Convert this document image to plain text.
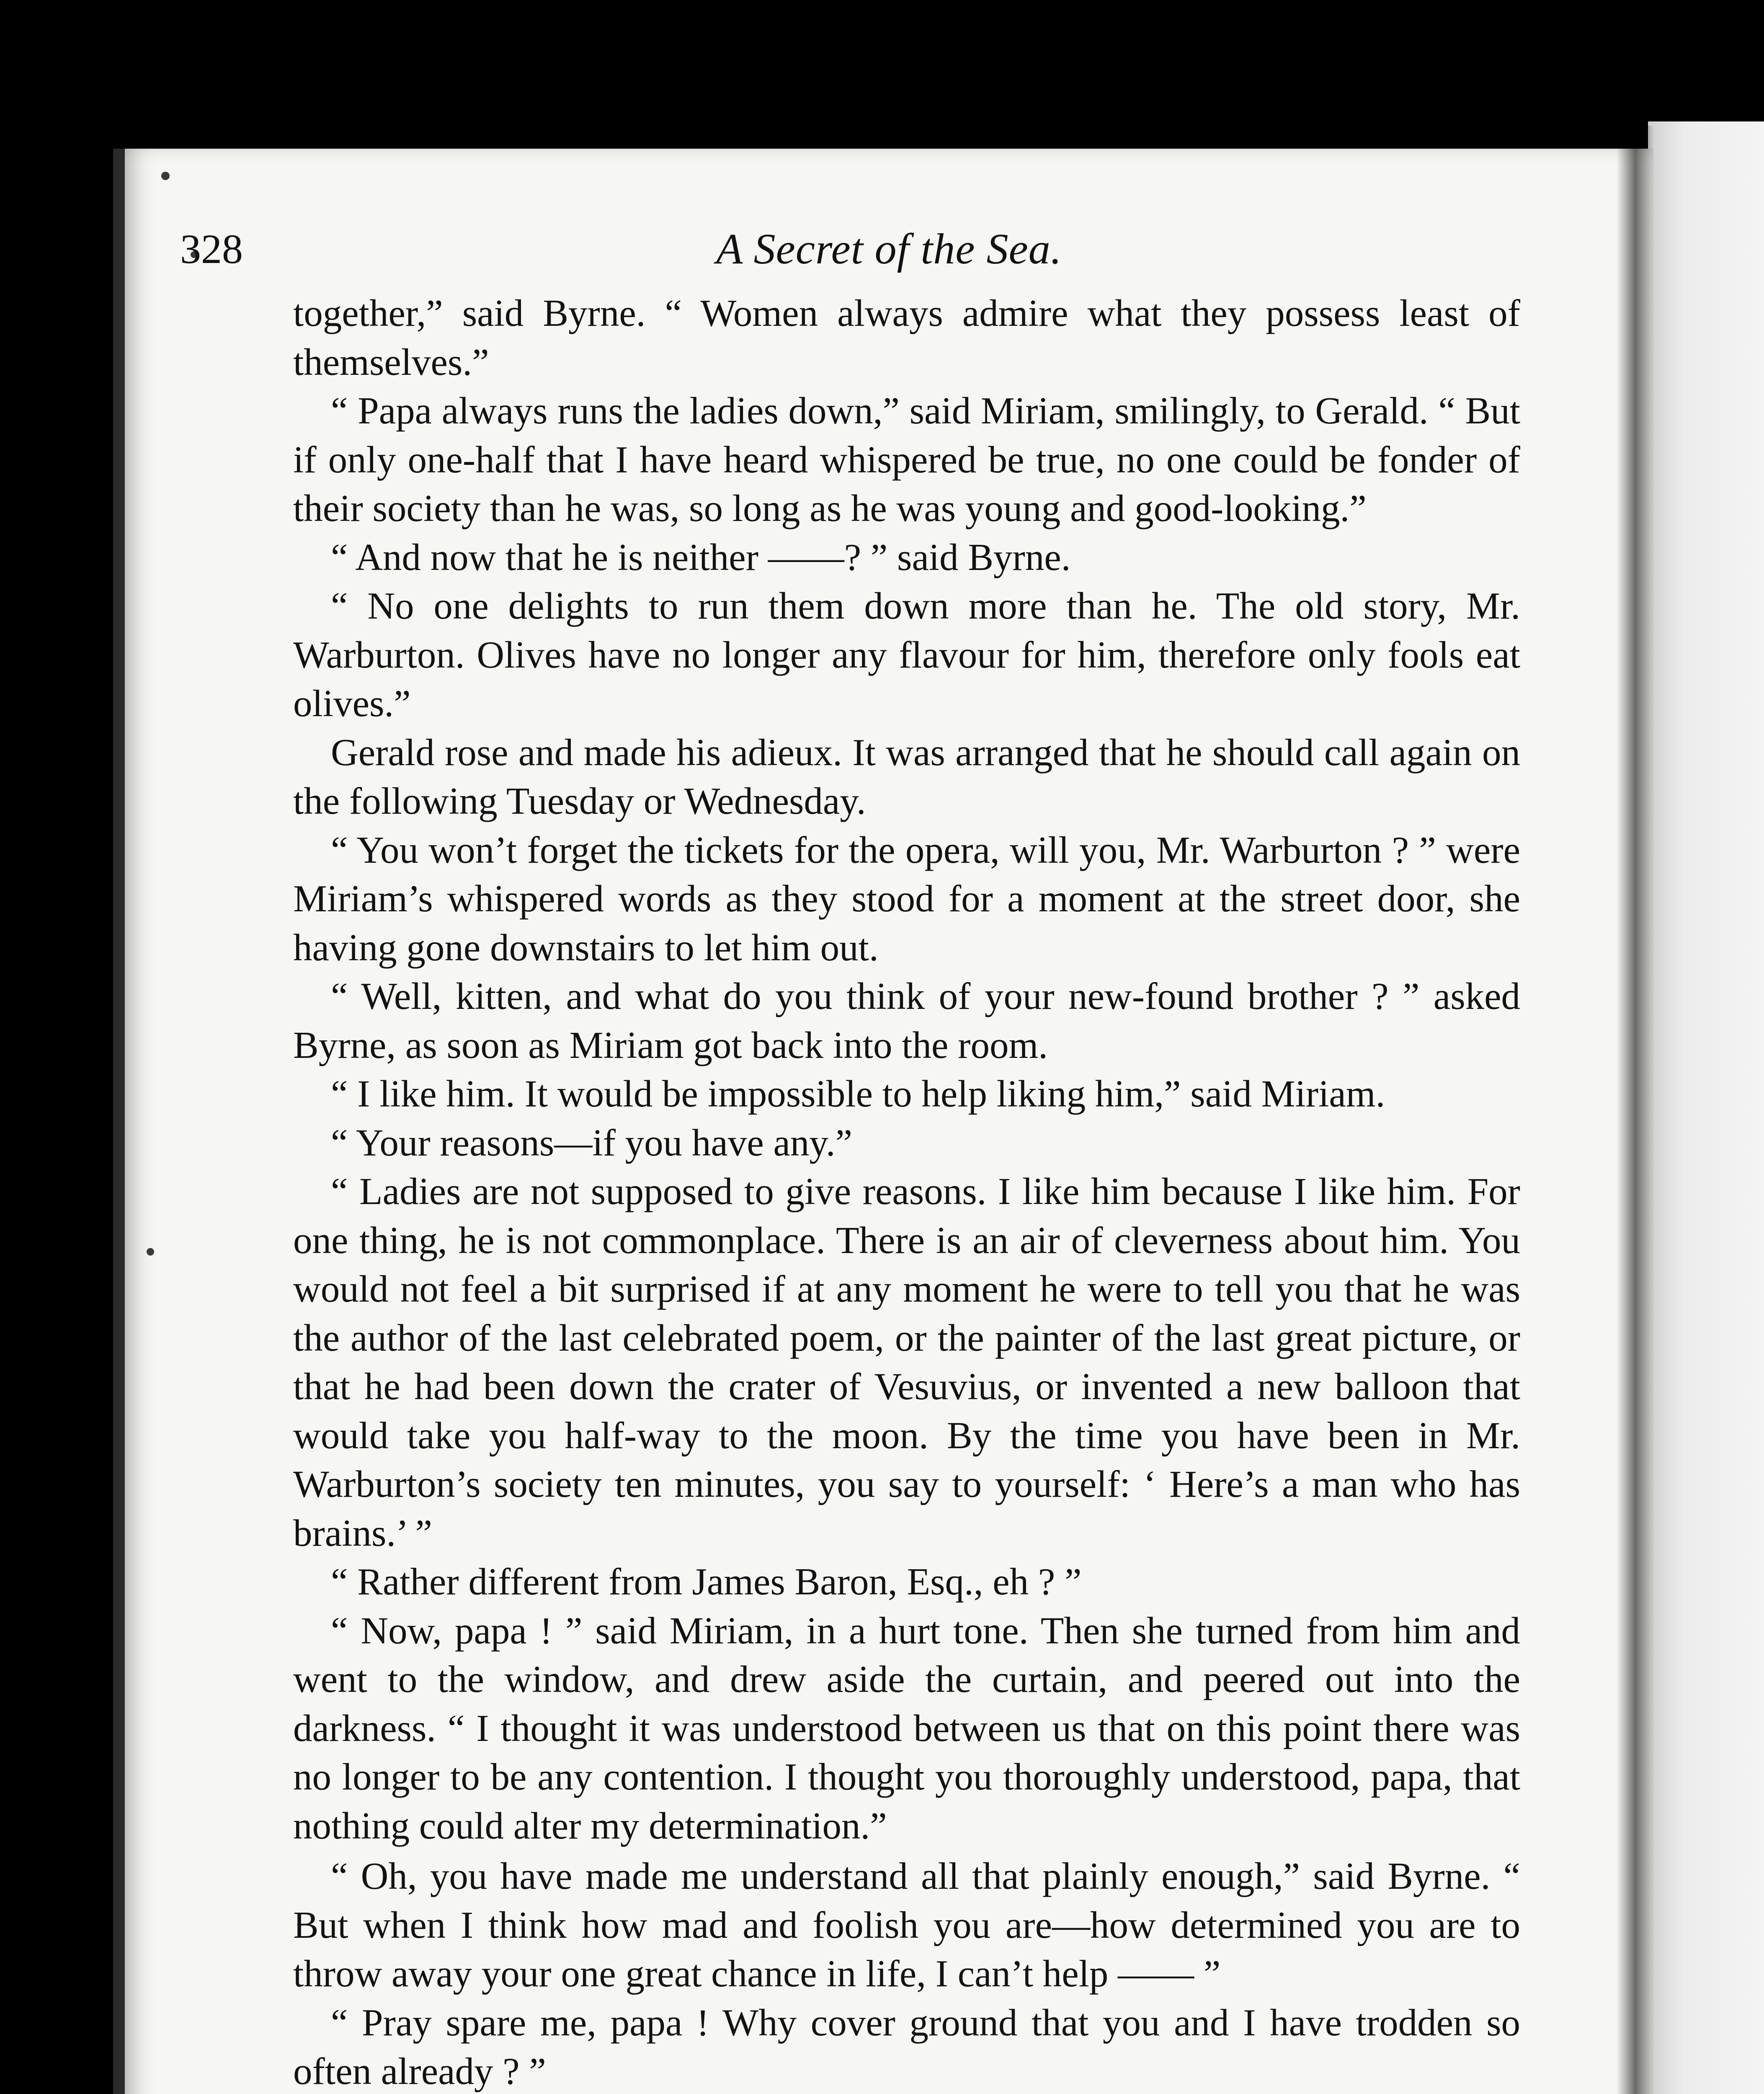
328	A Secret of the Sea.

together,” said Byrne. “ Women always admire what they possess least of themselves.”

“ Papa always runs the ladies down,” said Miriam, smilingly, to Gerald. “ But if only one-half that I have heard whispered be true, no one could be fonder of their society than he was, so long as he was young and good-looking.”

“ And now that he is neither ——? ” said Byrne.

“ No one delights to run them down more than he. The old story, Mr. Warburton. Olives have no longer any flavour for him, therefore only fools eat olives.”

Gerald rose and made his adieux. It was arranged that he should call again on the following Tuesday or Wednesday.

“ You won’t forget the tickets for the opera, will you, Mr. Warburton ? ” were Miriam’s whispered words as they stood for a moment at the street door, she having gone downstairs to let him out.

“ Well, kitten, and what do you think of your new-found brother ? ” asked Byrne, as soon as Miriam got back into the room.

“ I like him. It would be impossible to help liking him,” said Miriam.

“ Your reasons—if you have any.”

“ Ladies are not supposed to give reasons. I like him because I like him. For one thing, he is not commonplace. There is an air of cleverness about him. You would not feel a bit surprised if at any moment he were to tell you that he was the author of the last celebrated poem, or the painter of the last great picture, or that he had been down the crater of Vesuvius, or invented a new balloon that would take you half-way to the moon. By the time you have been in Mr. Warburton’s society ten minutes, you say to yourself: ‘ Here’s a man who has brains.’ ”

“ Rather different from James Baron, Esq., eh ? ”

“ Now, papa ! ” said Miriam, in a hurt tone. Then she turned from him and went to the window, and drew aside the curtain, and peered out into the darkness. “ I thought it was understood between us that on this point there was no longer to be any contention. I thought you thoroughly understood, papa, that nothing could alter my determination.”

“ Oh, you have made me understand all that plainly enough,” said Byrne. “ But when I think how mad and foolish you are—how determined you are to throw away your one great chance in life, I can’t help —— ”

“ Pray spare me, papa ! Why cover ground that you and I have trodden so often already ? ”
